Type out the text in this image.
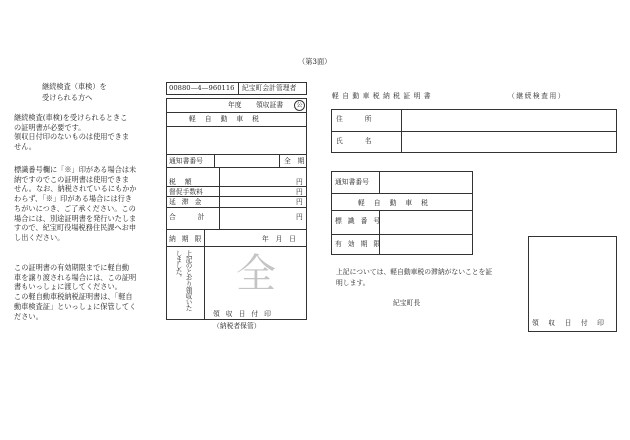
（第3面）
継続検査（車検）を
受けられる方へ
継続検査(車検)を受けられるときこ
の証明書が必要です。
領収日付印のないものは使用できま
せん。
標識番号欄に「※」印がある場合は未
納ですのでこの証明書は使用できま
せん。なお、納税されているにもかか
わらず、「※」印がある場合には行き
ちがいにつき、ご了承ください。この
場合には、別途証明書を発行いたしま
すので、紀宝町役場税務住民課へお申
し出ください。
この証明書の有効期限までに軽自動
車を譲り渡される場合には、この証明
書もいっしょに渡してください。
この軽自動車税納税証明書は、「軽自
動車検査証」といっしょに保管してく
ださい。
00880—4—960116 紀宝町会計管理者
年度 領収証書	公
軽自動車税
通知書番号	全　期
税額	円
督促手数料	円
延滞金	円
合計	円
納期限	年　月　日
上記のとおり領収いたしました。 全
領収日付印
（納税者保管）
軽自動車税納税証明書	（継続検査用）
住所
氏名
通知書番号
軽自動車税
標識番号
有効期限
上記については、軽自動車税の滞納がないことを証
明します。
紀宝町長
領収日付印
